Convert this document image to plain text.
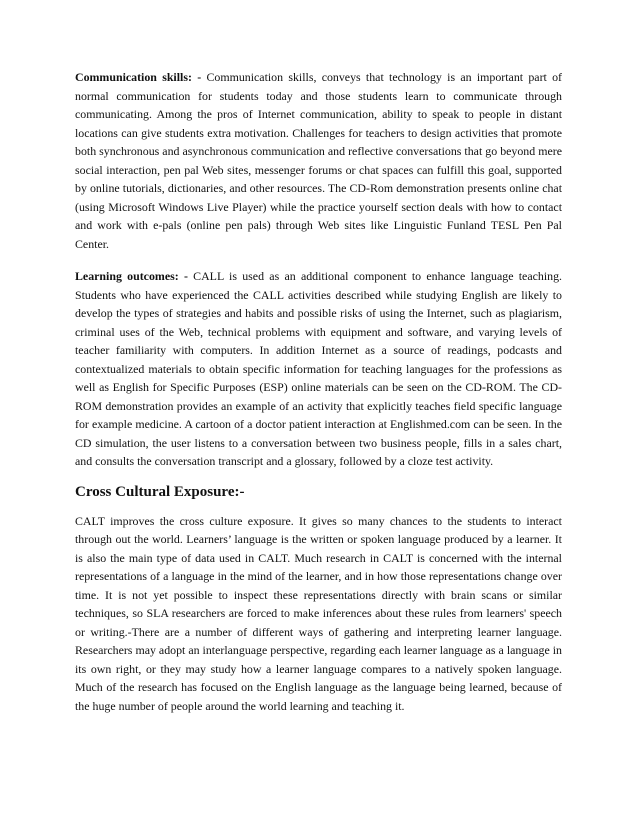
Communication skills: - Communication skills, conveys that technology is an important part of normal communication for students today and those students learn to communicate through communicating. Among the pros of Internet communication, ability to speak to people in distant locations can give students extra motivation. Challenges for teachers to design activities that promote both synchronous and asynchronous communication and reflective conversations that go beyond mere social interaction, pen pal Web sites, messenger forums or chat spaces can fulfill this goal, supported by online tutorials, dictionaries, and other resources. The CD-Rom demonstration presents online chat (using Microsoft Windows Live Player) while the practice yourself section deals with how to contact and work with e-pals (online pen pals) through Web sites like Linguistic Funland TESL Pen Pal Center.

Learning outcomes: - CALL is used as an additional component to enhance language teaching. Students who have experienced the CALL activities described while studying English are likely to develop the types of strategies and habits and possible risks of using the Internet, such as plagiarism, criminal uses of the Web, technical problems with equipment and software, and varying levels of teacher familiarity with computers. In addition Internet as a source of readings, podcasts and contextualized materials to obtain specific information for teaching languages for the professions as well as English for Specific Purposes (ESP) online materials can be seen on the CD-ROM. The CD-ROM demonstration provides an example of an activity that explicitly teaches field specific language for example medicine. A cartoon of a doctor patient interaction at Englishmed.com can be seen. In the CD simulation, the user listens to a conversation between two business people, fills in a sales chart, and consults the conversation transcript and a glossary, followed by a cloze test activity.

Cross Cultural Exposure:-

CALT improves the cross culture exposure. It gives so many chances to the students to interact through out the world. Learners’ language is the written or spoken language produced by a learner. It is also the main type of data used in CALT. Much research in CALT is concerned with the internal representations of a language in the mind of the learner, and in how those representations change over time. It is not yet possible to inspect these representations directly with brain scans or similar techniques, so SLA researchers are forced to make inferences about these rules from learners' speech or writing.-There are a number of different ways of gathering and interpreting learner language. Researchers may adopt an interlanguage perspective, regarding each learner language as a language in its own right, or they may study how a learner language compares to a natively spoken language. Much of the research has focused on the English language as the language being learned, because of the huge number of people around the world learning and teaching it.
